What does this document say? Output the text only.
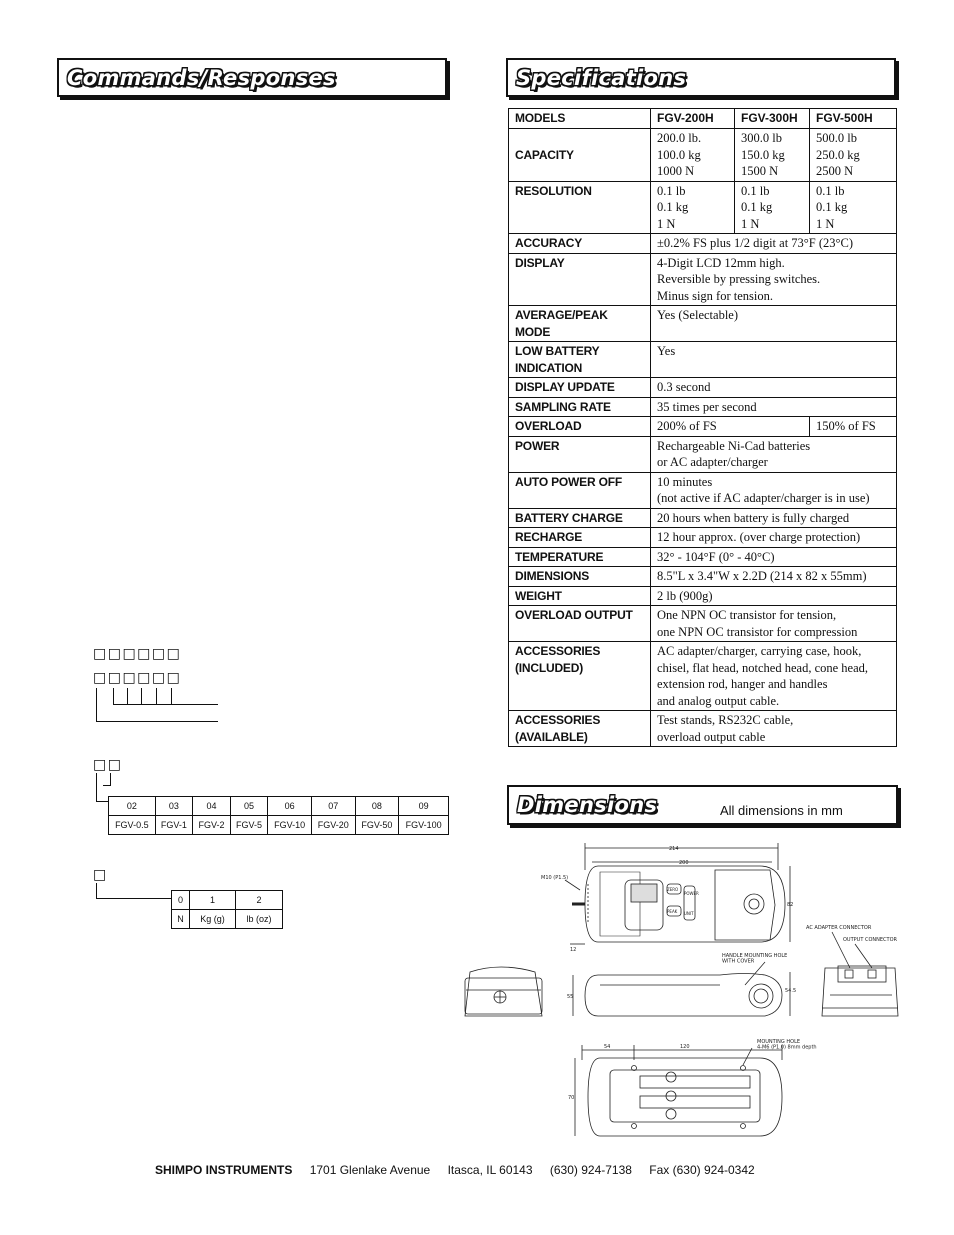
Commands/Responses	Specifications
Dimensions	All dimensions in mm
MODELS	FGV-200H	FGV-300H	FGV-500H
CAPACITY	200.0 lb.
100.0 kg
1000 N	300.0 lb
150.0 kg
1500 N	500.0 lb
250.0 kg
2500 N
RESOLUTION	0.1 lb
0.1 kg
1 N	0.1 lb
0.1 kg
1 N	0.1 lb
0.1 kg
1 N
ACCURACY	±0.2% FS plus 1/2 digit at 73°F (23°C)		
DISPLAY	4-Digit LCD 12mm high.
Reversible by pressing switches.
Minus sign for tension.		
AVERAGE/PEAK MODE	Yes (Selectable)		
LOW BATTERY
INDICATION	Yes		
DISPLAY UPDATE	0.3 second		
SAMPLING RATE	35 times per second		
OVERLOAD	200% of FS		150% of FS
POWER	Rechargeable Ni-Cad batteries
or AC adapter/charger		
AUTO POWER OFF	10 minutes
(not active if AC adapter/charger is in use)		
BATTERY CHARGE	20 hours when battery is fully charged		
RECHARGE	12 hour approx. (over charge protection)		
TEMPERATURE	32° - 104°F (0° - 40°C)		
DIMENSIONS	8.5"L x 3.4"W x 2.2D (214 x 82 x 55mm)		
WEIGHT	2 lb (900g)		
OVERLOAD OUTPUT	One NPN OC transistor for tension,
one NPN OC transistor for compression		
ACCESSORIES
(INCLUDED)	AC adapter/charger, carrying case, hook,
chisel, flat head, notched head, cone head,
extension rod, hanger and handles
and analog output cable.		
ACCESSORIES
(AVAILABLE)	Test stands, RS232C cable,
overload output cable		
□□□□□□
□□□□□□
□□
02	03	04	05	06	07	08	09
FGV-0.5	FGV-1	FGV-2	FGV-5	FGV-10	FGV-20	FGV-50	FGV-100
□
0	1	2
N	Kg (g)	lb (oz)
214
200
82
12
M10 (P1.5)
AC ADAPTER CONNECTOR
OUTPUT CONNECTOR
HANDLE MOUNTING HOLE WITH COVER
55
54.5
54	120
70
MOUNTING HOLE 4-M6 (P1.0) 8mm depth
ZERO
PEAK
POWER
UNIT
SHIMPO INSTRUMENTS 1701 Glenlake Avenue Itasca, IL 60143 (630) 924-7138 Fax (630) 924-0342
